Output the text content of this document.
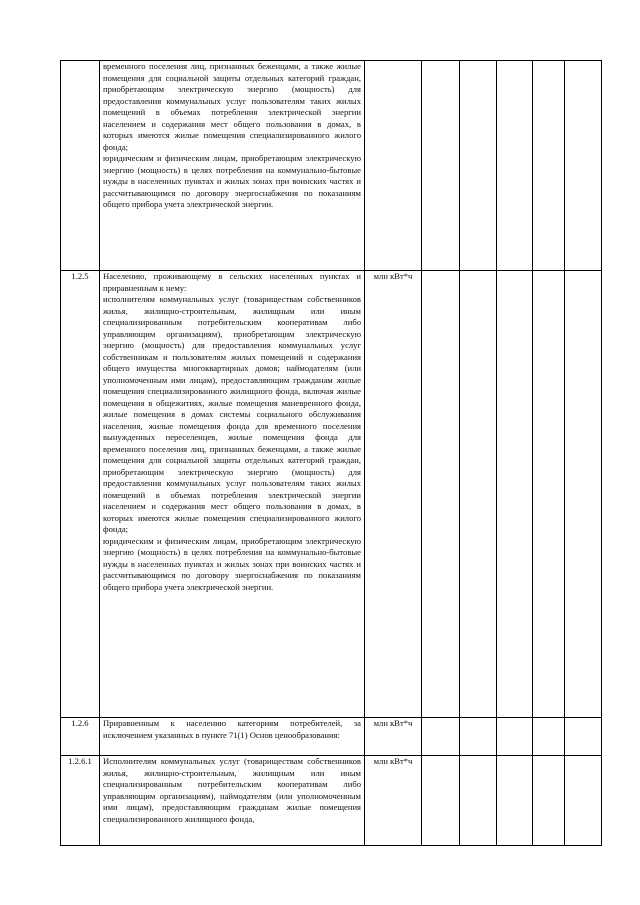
	временного поселения лиц, признанных беженцами, а также жилые помещения для социальной защиты отдельных категорий граждан, приобретающим электрическую энергию (мощность) для предоставления коммунальных услуг пользователям таких жилых помещений в объемах потребления электрической энергии населением и содержания мест общего пользования в домах, в которых имеются жилые помещения специализированного жилого фонда;

юридическим и физическим лицам, приобретающим электрическую энергию (мощность) в целях потребления на коммунально-бытовые нужды в населенных пунктах и жилых зонах при воинских частях и рассчитывающимся по договору энергоснабжения по показаниям общего прибора учета электрической энергии.						

1.2.5	Населению, проживающему в сельских населенных пунктах и приравненным к нему:

исполнителям коммунальных услуг (товариществам собственников жилья, жилищно-строительным, жилищным или иным специализированным потребительским кооперативам либо управляющим организациям), приобретающим электрическую энергию (мощность) для предоставления коммунальных услуг собственникам и пользователям жилых помещений и содержания общего имущества многоквартирных домов; наймодателям (или уполномоченным ими лицам), предоставляющим гражданам жилые помещения специализированного жилищного фонда, включая жилые помещения в общежитиях, жилые помещения маневренного фонда, жилые помещения в домах системы социального обслуживания населения, жилые помещения фонда для временного поселения вынужденных переселенцев, жилые помещения фонда для временного поселения лиц, признанных беженцами, а также жилые помещения для социальной защиты отдельных категорий граждан, приобретающим электрическую энергию (мощность) для предоставления коммунальных услуг пользователям таких жилых помещений в объемах потребления электрической энергии населением и содержания мест общего пользования в домах, в которых имеются жилые помещения специализированного жилого фонда;

юридическим и физическим лицам, приобретающим электрическую энергию (мощность) в целях потребления на коммунально-бытовые нужды в населенных пунктах и жилых зонах при воинских частях и рассчитывающимся по договору энергоснабжения по показаниям общего прибора учета электрической энергии.	млн кВт*ч					
1.2.6	Приравненным к населению категориям потребителей, за исключением указанных в пункте 71(1) Основ ценообразования:	млн кВт*ч					
1.2.6.1	Исполнителям коммунальных услуг (товариществам собственников жилья, жилищно-строительным, жилищным или иным специализированным потребительским кооперативам либо управляющим организациям), наймодателям (или уполномоченным ими лицам), предоставляющим гражданам жилые помещения специализированного жилищного фонда,	млн кВт*ч					
